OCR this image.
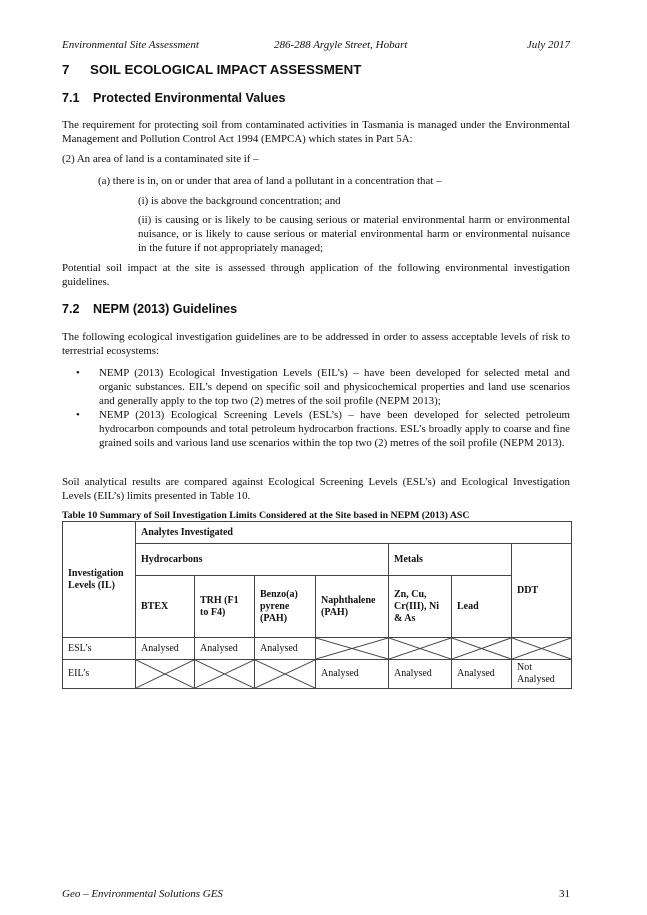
Environmental Site Assessment	286-288 Argyle Street, Hobart	July 2017
7 SOIL ECOLOGICAL IMPACT ASSESSMENT
7.1 Protected Environmental Values

The requirement for protecting soil from contaminated activities in Tasmania is managed under the Environmental Management and Pollution Control Act 1994 (EMPCA) which states in Part 5A:

(2) An area of land is a contaminated site if –

(a) there is in, on or under that area of land a pollutant in a concentration that –

(i) is above the background concentration; and

(ii) is causing or is likely to be causing serious or material environmental harm or environmental nuisance, or is likely to cause serious or material environmental harm or environmental nuisance in the future if not appropriately managed;

Potential soil impact at the site is assessed through application of the following environmental investigation guidelines.

7.2 NEPM (2013) Guidelines

The following ecological investigation guidelines are to be addressed in order to assess acceptable levels of risk to terrestrial ecosystems:

• NEMP (2013) Ecological Investigation Levels (EIL’s) – have been developed for selected metal and organic substances. EIL’s depend on specific soil and physicochemical properties and land use scenarios and generally apply to the top two (2) metres of the soil profile (NEPM 2013);
• NEMP (2013) Ecological Screening Levels (ESL’s) – have been developed for selected petroleum hydrocarbon compounds and total petroleum hydrocarbon fractions. ESL’s broadly apply to coarse and fine grained soils and various land use scenarios within the top two (2) metres of the soil profile (NEPM 2013).

Soil analytical results are compared against Ecological Screening Levels (ESL’s) and Ecological Investigation Levels (EIL’s) limits presented in Table 10.

Table 10 Summary of Soil Investigation Limits Considered at the Site based in NEPM (2013) ASC
Investigation Levels (IL)	Analytes Investigated						
	Hydrocarbons				Metals		DDT
	BTEX	TRH (F1 to F4)	Benzo(a) pyrene (PAH)	Naphthalene (PAH)	Zn, Cu, Cr(III), Ni & As	Lead	
ESL’s	Analysed	Analysed	Analysed	

EIL’s				Analysed	Analysed	Analysed	Not Analysed
Geo – Environmental Solutions GES	31
